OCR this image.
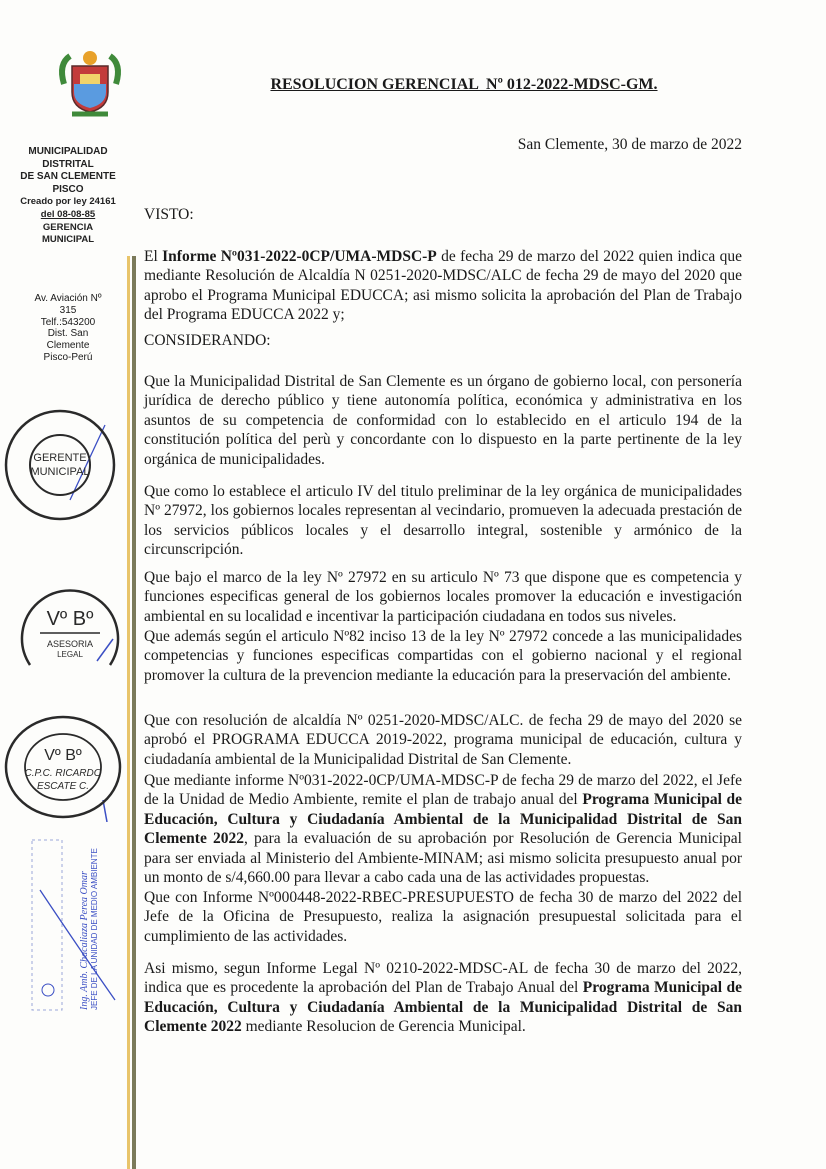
MUNICIPALIDAD
DISTRITAL
DE SAN CLEMENTE
PISCO
Creado por ley 24161
del 08-08-85
GERENCIA
MUNICIPAL
Av. Aviación Nº
315
Telf.:543200
Dist. San
Clemente
Pisco-Perú
GERENTE
MUNICIPAL
Vº Bº
ASESORIA
LEGAL
Vº Bº
C.P.C. RICARDO
ESCATE C.
Ing. Amb. Chacaliaza Perea Omar JEFE DE LA UNIDAD DE MEDIO AMBIENTE
RESOLUCION GERENCIAL  Nº 012-2022-MDSC-GM.
San Clemente, 30 de marzo de 2022
VISTO:
CONSIDERANDO:
El Informe Nº031-2022-0CP/UMA-MDSC-P de fecha 29 de marzo del 2022 quien indica que mediante Resolución de Alcaldía N 0251-2020-MDSC/ALC de fecha 29 de mayo del 2020 que aprobo el Programa Municipal EDUCCA; asi mismo solicita la aprobación del Plan de Trabajo del Programa EDUCCA 2022 y;
Que la Municipalidad Distrital de San Clemente es un órgano de gobierno local, con personería jurídica de derecho público y tiene autonomía política, económica y administrativa en los asuntos de su competencia de conformidad con lo establecido en el articulo 194 de la constitución política del perù y concordante con lo dispuesto en la parte pertinente de la ley orgánica de municipalidades.
Que como lo establece el articulo IV del titulo preliminar de la ley orgánica de municipalidades Nº 27972, los gobiernos locales representan al vecindario, promueven la adecuada prestación de los servicios públicos locales y el desarrollo integral, sostenible y armónico de la circunscripción.
Que bajo el marco de la ley Nº 27972 en su articulo Nº 73 que dispone que es competencia y funciones especificas general de los gobiernos locales promover la educación e investigación ambiental en su localidad e incentivar la participación ciudadana en todos sus niveles.
Que además según el articulo Nº82 inciso 13 de la ley Nº 27972 concede a las municipalidades competencias y funciones especificas compartidas con el gobierno nacional y el regional promover la cultura de la prevencion mediante la educación para la preservación del ambiente.
Que con resolución de alcaldía Nº 0251-2020-MDSC/ALC. de fecha 29 de mayo del 2020 se aprobó el PROGRAMA EDUCCA 2019-2022, programa municipal de educación, cultura y ciudadanía ambiental de la Municipalidad Distrital de San Clemente.
Que mediante informe Nº031-2022-0CP/UMA-MDSC-P de fecha 29 de marzo del 2022, el Jefe de la Unidad de Medio Ambiente, remite el plan de trabajo anual del Programa Municipal de Educación, Cultura y Ciudadanía Ambiental de la Municipalidad Distrital de San Clemente 2022, para la evaluación de su aprobación por Resolución de Gerencia Municipal para ser enviada al Ministerio del Ambiente-MINAM; asi mismo solicita presupuesto anual por un monto de s/4,660.00 para llevar a cabo cada una de las actividades propuestas.
Que con Informe Nº000448-2022-RBEC-PRESUPUESTO de fecha 30 de marzo del 2022 del Jefe de la Oficina de Presupuesto, realiza la asignación presupuestal solicitada para el cumplimiento de las actividades.
Asi mismo, segun Informe Legal Nº 0210-2022-MDSC-AL de fecha 30 de marzo del 2022, indica que es procedente la aprobación del Plan de Trabajo Anual del Programa Municipal de Educación, Cultura y Ciudadanía Ambiental de la Municipalidad Distrital de San Clemente 2022 mediante Resolucion de Gerencia Municipal.
